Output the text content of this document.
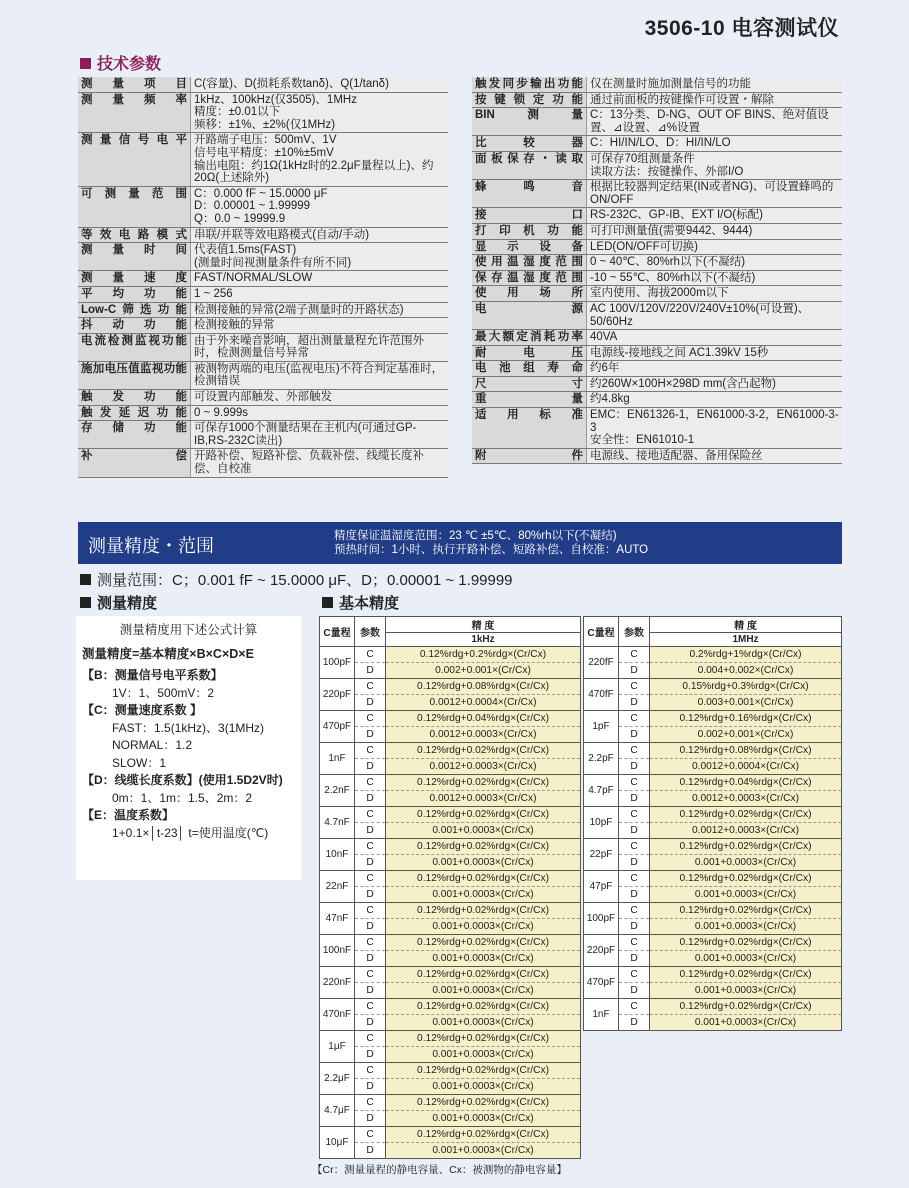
3506-10 电容测试仪
技术参数
测量项目	C(容量)、D(损耗系数tanδ)、Q(1/tanδ)
测量频率	1kHz、100kHz(仅3505)、1MHz
精度：±0.01以下
频移：±1%、±2%(仅1MHz)
测量信号电平	开路端子电压：500mV、1V
信号电平精度：±10%±5mV
输出电阻：约1Ω(1kHz时的2.2μF量程以上)、约20Ω(上述除外)
可测量范围	C：0.000 fF ~ 15.0000 μF
D：0.00001 ~ 1.99999
Q：0.0 ~ 19999.9
等效电路模式	串联/并联等效电路模式(自动/手动)
测量时间	代表值1.5ms(FAST)
(测量时间视测量条件有所不同)
测量速度	FAST/NORMAL/SLOW
平均功能	1 ~ 256
Low-C筛选功能	检测接触的异常(2端子测量时的开路状态)
抖动功能	检测接触的异常
电流检测监视功能	由于外来噪音影响，超出测量量程允许范围外时，检测测量信号异常
施加电压值监视功能	被测物两端的电压(监视电压)不符合判定基准时，检测错误
触发功能	可设置内部触发、外部触发
触发延迟功能	0 ~ 9.999s
存储功能	可保存1000个测量结果在主机内(可通过GP-IB,RS-232C读出)
补偿	开路补偿、短路补偿、负载补偿、线缆长度补偿、自校准
触发同步输出功能	仅在测量时施加测量信号的功能
按键锁定功能	通过前面板的按键操作可设置・解除
BIN测量	C：13分类、D-NG、OUT OF BINS、绝对值设置、⊿设置、⊿%设置
比较器	C：HI/IN/LO、D：HI/IN/LO
面板保存・读取	可保存70组测量条件
读取方法：按键操作、外部I/O
蜂鸣音	根据比较器判定结果(IN或者NG)、可设置蜂鸣的ON/OFF
接口	RS-232C、GP-IB、EXT I/O(标配)
打印机功能	可打印测量值(需要9442、9444)
显示设备	LED(ON/OFF可切换)
使用温湿度范围	0 ~ 40℃、80%rh以下(不凝结)
保存温湿度范围	-10 ~ 55℃、80%rh以下(不凝结)
使用场所	室内使用、海拔2000m以下
电源	AC 100V/120V/220V/240V±10%(可设置)、50/60Hz
最大额定消耗功率	40VA
耐电压	电源线-接地线之间 AC1.39kV 15秒
电池组寿命	约6年
尺寸	约260W×100H×298D mm(含凸起物)
重量	约4.8kg
适用标准	EMC：EN61326-1，EN61000-3-2，EN61000-3-3
安全性：EN61010-1
附件	电源线、接地适配器、备用保险丝
测量精度・范围	精度保证温湿度范围：23 ℃ ±5℃、80%rh以下(不凝结)
预热时间：1小时、执行开路补偿、短路补偿、自校准：AUTO
测量范围：C；0.001 fF ~ 15.0000 μF、D；0.00001 ~ 1.99999
测量精度	基本精度
测量精度用下述公式计算
测量精度=基本精度×B×C×D×E
【B：测量信号电平系数】
1V：1、500mV：2
【C：测量速度系数 】
FAST：1.5(1kHz)、3(1MHz)
NORMAL：1.2
SLOW：1
【D：线缆长度系数】(使用1.5D2V时)
0m：1、1m：1.5、2m：2
【E：温度系数】
1+0.1×│t-23│ t=使用温度(℃)
C量程	参数	精 度
		1kHz
100pF	C	0.12%rdg+0.2%rdg×(Cr/Cx)
	D	0.002+0.001×(Cr/Cx)
220pF	C	0.12%rdg+0.08%rdg×(Cr/Cx)
	D	0.0012+0.0004×(Cr/Cx)
470pF	C	0.12%rdg+0.04%rdg×(Cr/Cx)
	D	0.0012+0.0003×(Cr/Cx)
1nF	C	0.12%rdg+0.02%rdg×(Cr/Cx)
	D	0.0012+0.0003×(Cr/Cx)
2.2nF	C	0.12%rdg+0.02%rdg×(Cr/Cx)
	D	0.0012+0.0003×(Cr/Cx)
4.7nF	C	0.12%rdg+0.02%rdg×(Cr/Cx)
	D	0.001+0.0003×(Cr/Cx)
10nF	C	0.12%rdg+0.02%rdg×(Cr/Cx)
	D	0.001+0.0003×(Cr/Cx)
22nF	C	0.12%rdg+0.02%rdg×(Cr/Cx)
	D	0.001+0.0003×(Cr/Cx)
47nF	C	0.12%rdg+0.02%rdg×(Cr/Cx)
	D	0.001+0.0003×(Cr/Cx)
100nF	C	0.12%rdg+0.02%rdg×(Cr/Cx)
	D	0.001+0.0003×(Cr/Cx)
220nF	C	0.12%rdg+0.02%rdg×(Cr/Cx)
	D	0.001+0.0003×(Cr/Cx)
470nF	C	0.12%rdg+0.02%rdg×(Cr/Cx)
	D	0.001+0.0003×(Cr/Cx)
1μF	C	0.12%rdg+0.02%rdg×(Cr/Cx)
	D	0.001+0.0003×(Cr/Cx)
2.2μF	C	0.12%rdg+0.02%rdg×(Cr/Cx)
	D	0.001+0.0003×(Cr/Cx)
4.7μF	C	0.12%rdg+0.02%rdg×(Cr/Cx)
	D	0.001+0.0003×(Cr/Cx)
10μF	C	0.12%rdg+0.02%rdg×(Cr/Cx)
	D	0.001+0.0003×(Cr/Cx)
C量程	参数	精 度
		1MHz
220fF	C	0.2%rdg+1%rdg×(Cr/Cx)
	D	0.004+0.002×(Cr/Cx)
470fF	C	0.15%rdg+0.3%rdg×(Cr/Cx)
	D	0.003+0.001×(Cr/Cx)
1pF	C	0.12%rdg+0.16%rdg×(Cr/Cx)
	D	0.002+0.001×(Cr/Cx)
2.2pF	C	0.12%rdg+0.08%rdg×(Cr/Cx)
	D	0.0012+0.0004×(Cr/Cx)
4.7pF	C	0.12%rdg+0.04%rdg×(Cr/Cx)
	D	0.0012+0.0003×(Cr/Cx)
10pF	C	0.12%rdg+0.02%rdg×(Cr/Cx)
	D	0.0012+0.0003×(Cr/Cx)
22pF	C	0.12%rdg+0.02%rdg×(Cr/Cx)
	D	0.001+0.0003×(Cr/Cx)
47pF	C	0.12%rdg+0.02%rdg×(Cr/Cx)
	D	0.001+0.0003×(Cr/Cx)
100pF	C	0.12%rdg+0.02%rdg×(Cr/Cx)
	D	0.001+0.0003×(Cr/Cx)
220pF	C	0.12%rdg+0.02%rdg×(Cr/Cx)
	D	0.001+0.0003×(Cr/Cx)
470pF	C	0.12%rdg+0.02%rdg×(Cr/Cx)
	D	0.001+0.0003×(Cr/Cx)
1nF	C	0.12%rdg+0.02%rdg×(Cr/Cx)
	D	0.001+0.0003×(Cr/Cx)
【Cr：测量量程的静电容量、Cx：被测物的静电容量】
